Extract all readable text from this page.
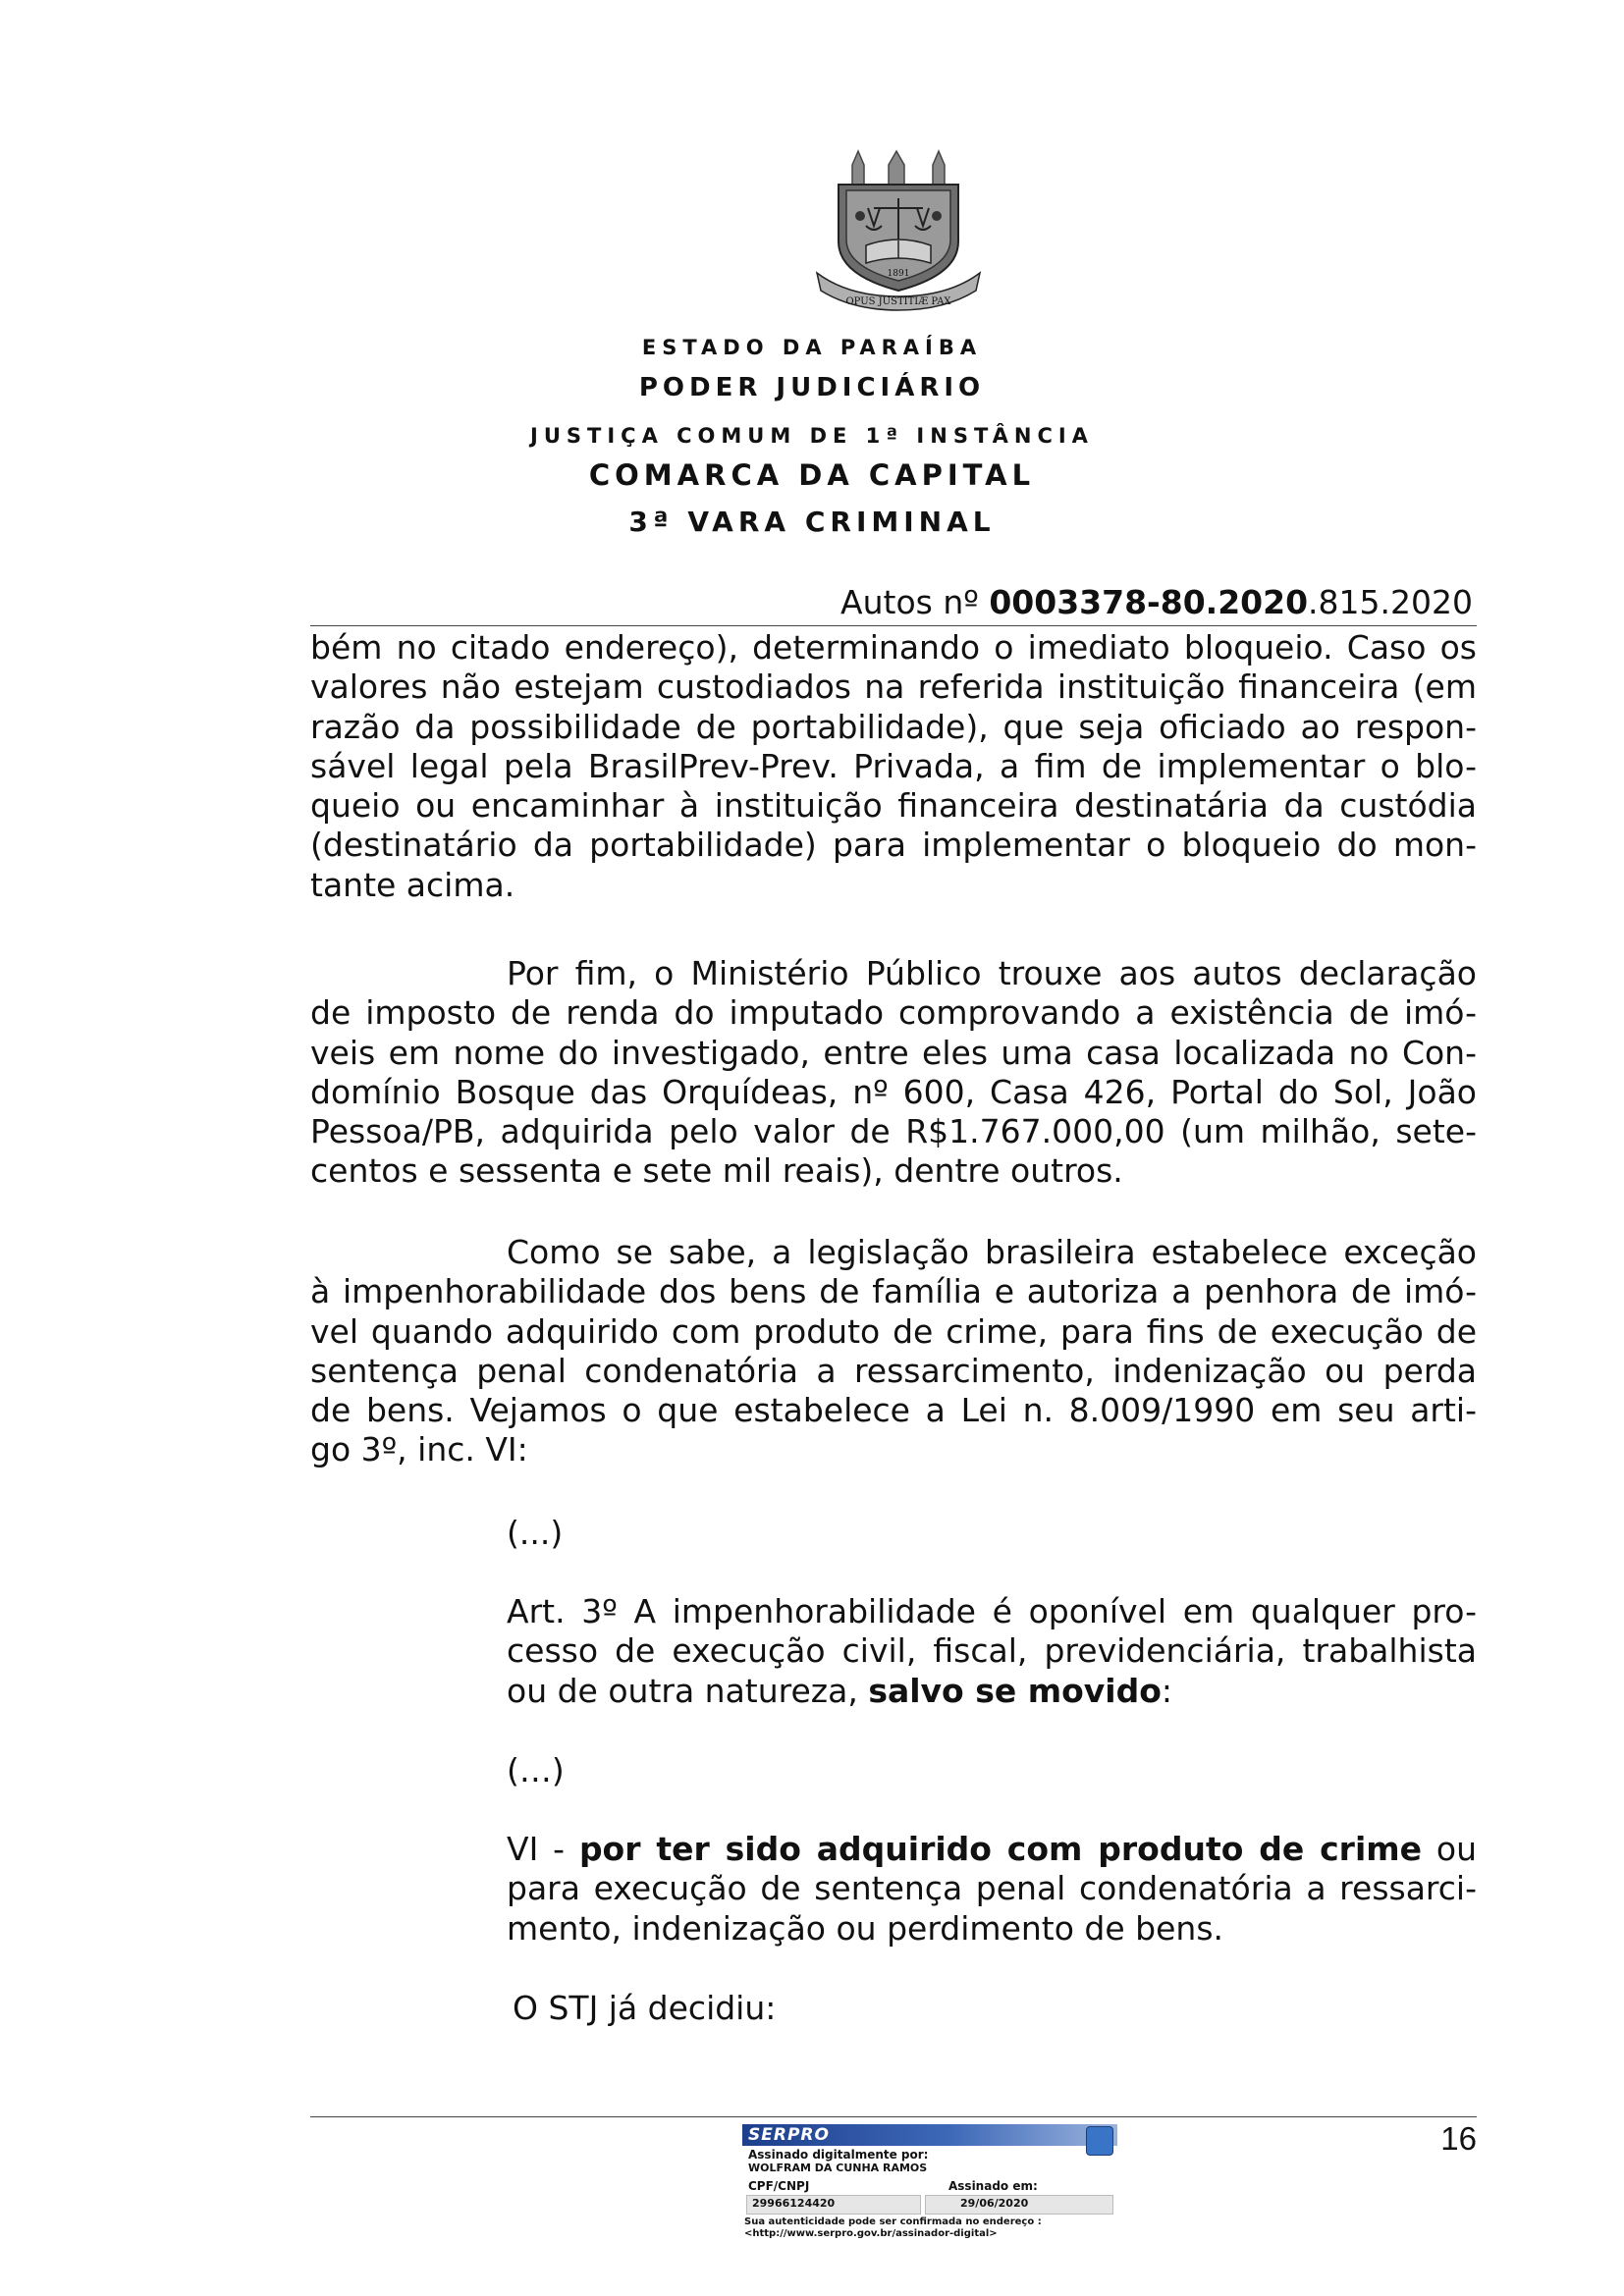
1891
OPUS JUSTITIÆ PAX
ESTADO DA PARAÍBA
PODER JUDICIÁRIO
JUSTIÇA COMUM DE 1ª INSTÂNCIA
COMARCA DA CAPITAL
3ª VARA CRIMINAL
Autos nº 0003378-80.2020.815.2020
bém no citado endereço), determinando o imediato bloqueio. Caso os
valores não estejam custodiados na referida instituição financeira (em
razão da possibilidade de portabilidade), que seja oficiado ao respon-
sável legal pela BrasilPrev-Prev. Privada, a fim de implementar o blo-
queio ou encaminhar à instituição financeira destinatária da custódia
(destinatário da portabilidade) para implementar o bloqueio do mon-
tante acima.
Por fim, o Ministério Público trouxe aos autos declaração
de imposto de renda do imputado comprovando a existência de imó-
veis em nome do investigado, entre eles uma casa localizada no Con-
domínio Bosque das Orquídeas, nº 600, Casa 426, Portal do Sol, João
Pessoa/PB, adquirida pelo valor de R$1.767.000,00 (um milhão, sete-
centos e sessenta e sete mil reais), dentre outros.
Como se sabe, a legislação brasileira estabelece exceção
à impenhorabilidade dos bens de família e autoriza a penhora de imó-
vel quando adquirido com produto de crime, para fins de execução de
sentença penal condenatória a ressarcimento, indenização ou perda
de bens. Vejamos o que estabelece a Lei n. 8.009/1990 em seu arti-
go 3º, inc. VI:
(...)
Art. 3º A impenhorabilidade é oponível em qualquer pro-
cesso de execução civil, fiscal, previdenciária, trabalhista
ou de outra natureza, salvo se movido:
(…)
VI - por ter sido adquirido com produto de crime ou
para execução de sentença penal condenatória a ressarci-
mento, indenização ou perdimento de bens.
O STJ já decidiu:
16
SERPRO
Assinado digitalmente por:
WOLFRAM DA CUNHA RAMOS
CPF/CNPJ	Assinado em:
29966124420	29/06/2020
Sua autenticidade pode ser confirmada no endereço :
<http://www.serpro.gov.br/assinador-digital>
